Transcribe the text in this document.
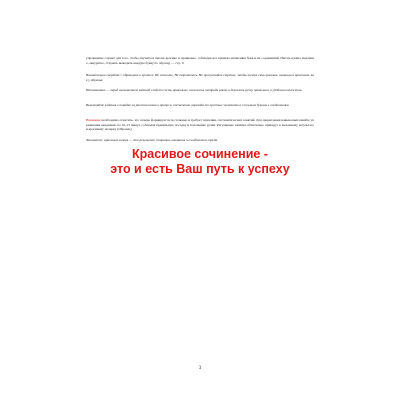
упражнение служит для того, чтобы научиться писать красиво и правильно, соблюдая все правила написания букв и их соединений. Писать нужно медленно, аккуратно, стараясь выводить каждую букву по образцу — стр. 9

Внимательно сверяйте с образцами в прописи. Не спешите. Не торопитесь. Не пропускайте строчки, чтобы почерк стал ровным, плавным и красивым, как у образца.

Напоминание — перед выполнением заданий следует сесть правильно, положить тетрадь ровно и держать ручку правильно, в удобном положении.

Выполняйте задания в порядке их расположения в прописи, постепенно переходя от простых элементов к сложным буквам и соединениям.

Внимание необходимо отметить, что почерк формируется постепенно и требует терпения, систематических занятий. Для закрепления навыка выполняйте упражнения ежедневно по 10–15 минут, соблюдая правильную посадку и положение ручки. Регулярные занятия обязательно приведут к желаемому результату и красивому почерку (Образец)

Запомните: красивый почерк — это результат старания, внимания и ежедневного труда.

Красивое сочинение -
это и есть Ваш путь к успеху
3
